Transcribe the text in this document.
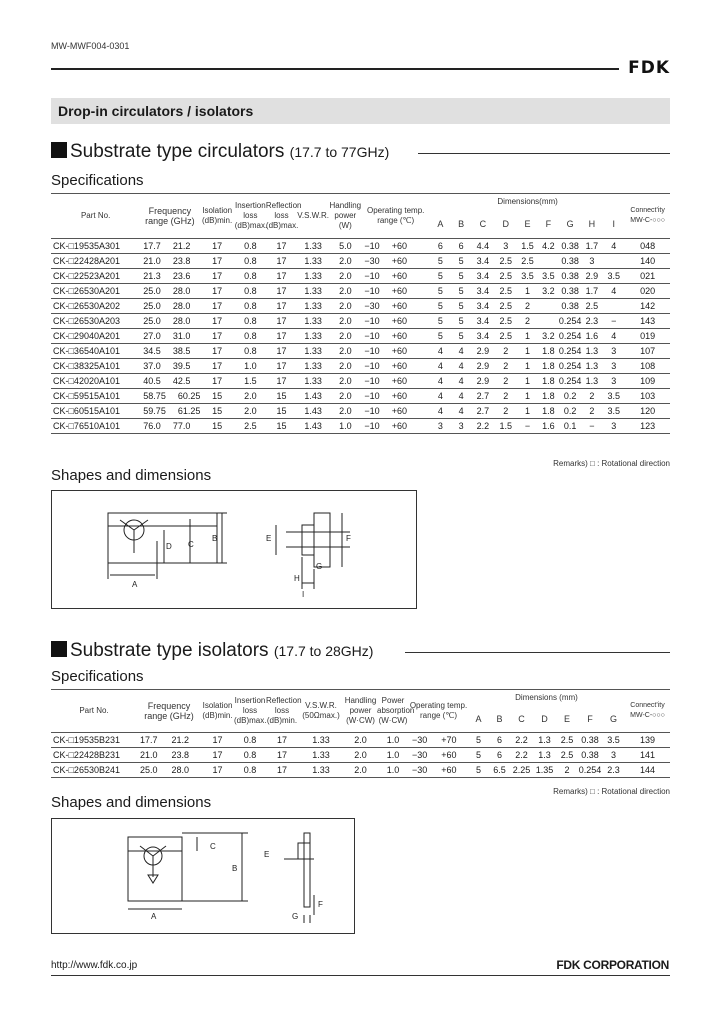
MW-MWF004-0301
FDK
Drop-in circulators / isolators
Substrate type circulators (17.7 to 77GHz)
Specifications
Part No.	Frequency range (GHz)	Isolation (dB)min.	Insertion loss (dB)max.	Reflection loss (dB)max.	V.S.W.R.	Handling power (W)	Operating temp. range (℃)	Dimensions(mm)									Connect'ity MW-C-○○○
								A	B	C	D	E	F	G	H	I	
CK-□19535A301	17.7 21.2	17	0.8	17	1.33	5.0	−10 +60	6	6	4.4	3	1.5	4.2	0.38	1.7	4	048
CK-□22428A201	21.0 23.8	17	0.8	17	1.33	2.0	−30 +60	5	5	3.4	2.5	2.5		0.38	3		140
CK-□22523A201	21.3 23.6	17	0.8	17	1.33	2.0	−10 +60	5	5	3.4	2.5	3.5	3.5	0.38	2.9	3.5	021
CK-□26530A201	25.0 28.0	17	0.8	17	1.33	2.0	−10 +60	5	5	3.4	2.5	1	3.2	0.38	1.7	4	020
CK-□26530A202	25.0 28.0	17	0.8	17	1.33	2.0	−30 +60	5	5	3.4	2.5	2		0.38	2.5		142
CK-□26530A203	25.0 28.0	17	0.8	17	1.33	2.0	−10 +60	5	5	3.4	2.5	2		0.254	2.3	−	143
CK-□29040A201	27.0 31.0	17	0.8	17	1.33	2.0	−10 +60	5	5	3.4	2.5	1	3.2	0.254	1.6	4	019
CK-□36540A101	34.5 38.5	17	0.8	17	1.33	2.0	−10 +60	4	4	2.9	2	1	1.8	0.254	1.3	3	107
CK-□38325A101	37.0 39.5	17	1.0	17	1.33	2.0	−10 +60	4	4	2.9	2	1	1.8	0.254	1.3	3	108
CK-□42020A101	40.5 42.5	17	1.5	17	1.33	2.0	−10 +60	4	4	2.9	2	1	1.8	0.254	1.3	3	109
CK-□59515A101	58.75 60.25	15	2.0	15	1.43	2.0	−10 +60	4	4	2.7	2	1	1.8	0.2	2	3.5	103
CK-□60515A101	59.75 61.25	15	2.0	15	1.43	2.0	−10 +60	4	4	2.7	2	1	1.8	0.2	2	3.5	120
CK-□76510A101	76.0 77.0	15	2.5	15	1.43	1.0	−10 +60	3	3	2.2	1.5	−	1.6	0.1	−	3	123
Remarks) □ : Rotational direction
Shapes and dimensions
A
B
C
D
E	F
G
H
I
Substrate type isolators (17.7 to 28GHz)
Specifications
Part No.	Frequency range (GHz)	Isolation (dB)min.	Insertion loss (dB)max.	Reflection loss (dB)min.	V.S.W.R. (50Ωmax.)	Handling power (W·CW)	Power absorption (W·CW)	Operating temp. range (℃)	Dimensions (mm)							Connect'ity MW-C-○○○
									A	B	C	D	E	F	G	
CK-□19535B231	17.7 21.2	17	0.8	17	1.33	2.0	1.0	−30 +70	5	6	2.2	1.3	2.5	0.38	3.5	139
CK-□22428B231	21.0 23.8	17	0.8	17	1.33	2.0	1.0	−30 +60	5	6	2.2	1.3	2.5	0.38	3	141
CK-□26530B241	25.0 28.0	17	0.8	17	1.33	2.0	1.0	−30 +60	5	6.5	2.25	1.35	2	0.254	2.3	144
Remarks) □ : Rotational direction
Shapes and dimensions
A
B
C
E
F
G
http://www.fdk.co.jp	FDK CORPORATION
